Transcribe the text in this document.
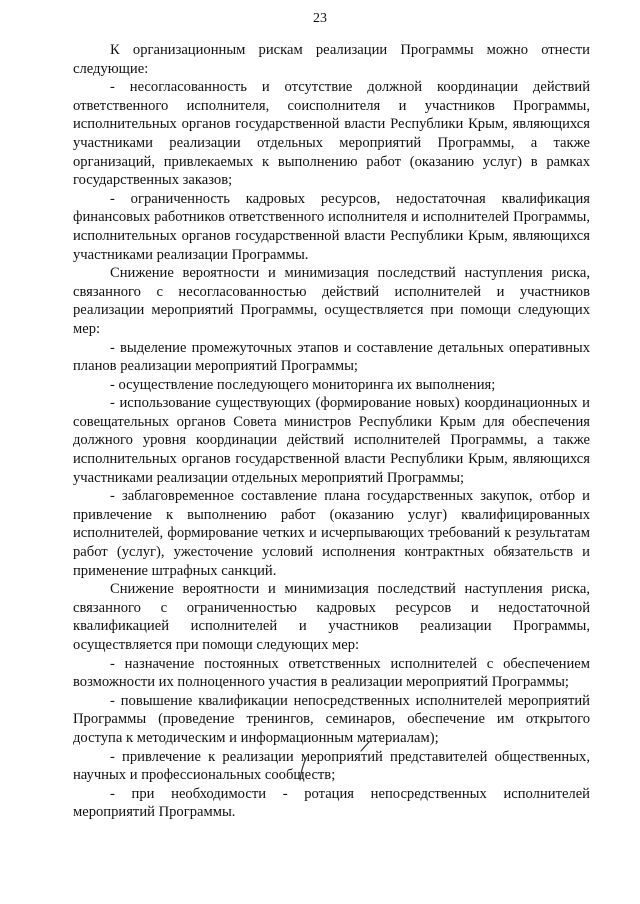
23

К организационным рискам реализации Программы можно отнести следующие:

- несогласованность и отсутствие должной координации действий ответственного исполнителя, соисполнителя и участников Программы, исполнительных органов государственной власти Республики Крым, являющихся участниками реализации отдельных мероприятий Программы, а также организаций, привлекаемых к выполнению работ (оказанию услуг) в рамках государственных заказов;

- ограниченность кадровых ресурсов, недостаточная квалификация финансовых работников ответственного исполнителя и исполнителей Программы, исполнительных органов государственной власти Республики Крым, являющихся участниками реализации Программы.

Снижение вероятности и минимизация последствий наступления риска, связанного с несогласованностью действий исполнителей и участников реализации мероприятий Программы, осуществляется при помощи следующих мер:

- выделение промежуточных этапов и составление детальных оперативных планов реализации мероприятий Программы;

- осуществление последующего мониторинга их выполнения;

- использование существующих (формирование новых) координационных и совещательных органов Совета министров Республики Крым для обеспечения должного уровня координации действий исполнителей Программы, а также исполнительных органов государственной власти Республики Крым, являющихся участниками реализации отдельных мероприятий Программы;

- заблаговременное составление плана государственных закупок, отбор и привлечение к выполнению работ (оказанию услуг) квалифицированных исполнителей, формирование четких и исчерпывающих требований к результатам работ (услуг), ужесточение условий исполнения контрактных обязательств и применение штрафных санкций.

Снижение вероятности и минимизация последствий наступления риска, связанного с ограниченностью кадровых ресурсов и недостаточной квалификацией исполнителей и участников реализации Программы, осуществляется при помощи следующих мер:

- назначение постоянных ответственных исполнителей с обеспечением возможности их полноценного участия в реализации мероприятий Программы;

- повышение квалификации непосредственных исполнителей мероприятий Программы (проведение тренингов, семинаров, обеспечение им открытого доступа к методическим и информационным материалам);

- привлечение к реализации мероприятий представителей общественных, научных и профессиональных сообществ;

- при необходимости - ротация непосредственных исполнителей мероприятий Программы.
